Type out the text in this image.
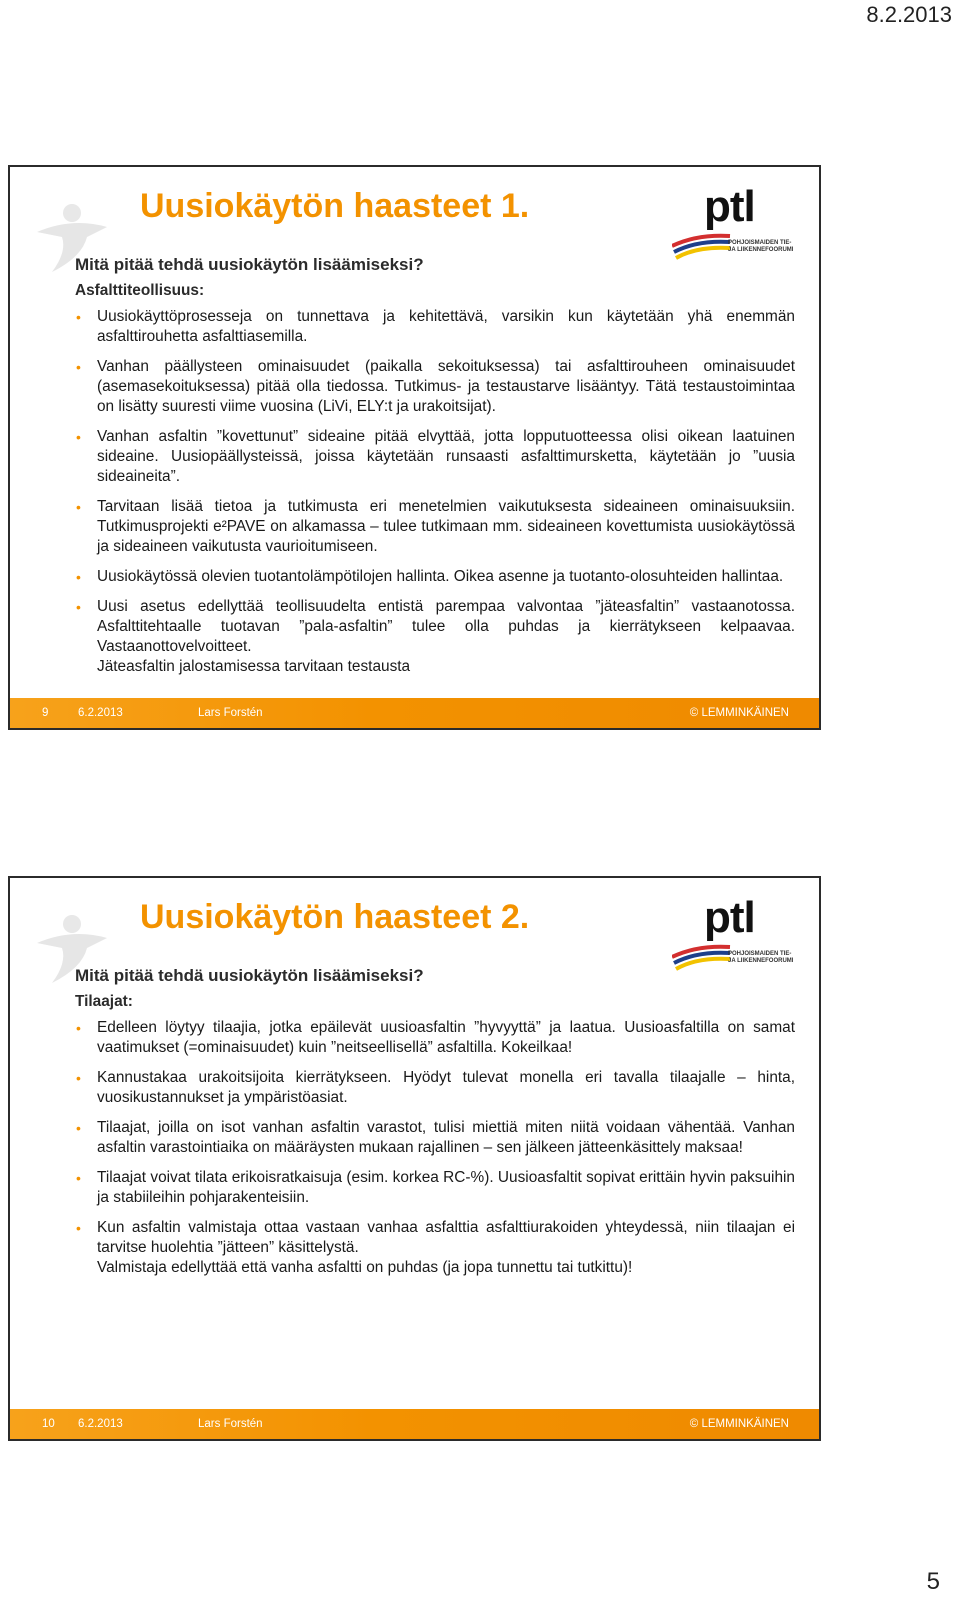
8.2.2013
Uusiokäytön haasteet 1.	ptl
POHJOISMAIDEN TIE- JA LIIKENNEFOORUMI
Mitä pitää tehdä uusiokäytön lisäämiseksi?
Asfalttiteollisuus:
• Uusiokäyttöprosesseja on tunnettava ja kehitettävä, varsikin kun käytetään yhä enemmän asfalttirouhetta asfalttiasemilla.
• Vanhan päällysteen ominaisuudet (paikalla sekoituksessa) tai asfalttirouheen ominaisuudet (asemasekoituksessa) pitää olla tiedossa. Tutkimus- ja testaustarve lisääntyy. Tätä testaustoimintaa on lisätty suuresti viime vuosina (LiVi, ELY:t ja urakoitsijat).
• Vanhan asfaltin ”kovettunut” sideaine pitää elvyttää, jotta lopputuotteessa olisi oikean laatuinen sideaine. Uusiopäällysteissä, joissa käytetään runsaasti asfalttimursketta, käytetään jo ”uusia sideaineita”.
• Tarvitaan lisää tietoa ja tutkimusta eri menetelmien vaikutuksesta sideaineen ominaisuuksiin. Tutkimusprojekti e²PAVE on alkamassa – tulee tutkimaan mm. sideaineen kovettumista uusiokäytössä ja sideaineen vaikutusta vaurioitumiseen.
• Uusiokäytössä olevien tuotantolämpötilojen hallinta. Oikea asenne ja tuotanto-olosuhteiden hallintaa.
• Uusi asetus edellyttää teollisuudelta entistä parempaa valvontaa ”jäteasfaltin” vastaanotossa. Asfalttitehtaalle tuotavan ”pala-asfaltin” tulee olla puhdas ja kierrätykseen kelpaavaa. Vastaanottovelvoitteet.
Jäteasfaltin jalostamisessa tarvitaan testausta
9	6.2.2013	Lars Forstén	© LEMMINKÄINEN
Uusiokäytön haasteet 2.	ptl
POHJOISMAIDEN TIE- JA LIIKENNEFOORUMI
Mitä pitää tehdä uusiokäytön lisäämiseksi?
Tilaajat:
• Edelleen löytyy tilaajia, jotka epäilevät uusioasfaltin ”hyvyyttä” ja laatua. Uusioasfaltilla on samat vaatimukset (=ominaisuudet) kuin ”neitseellisellä” asfaltilla. Kokeilkaa!
• Kannustakaa urakoitsijoita kierrätykseen. Hyödyt tulevat monella eri tavalla tilaajalle – hinta, vuosikustannukset ja ympäristöasiat.
• Tilaajat, joilla on isot vanhan asfaltin varastot, tulisi miettiä miten niitä voidaan vähentää. Vanhan asfaltin varastointiaika on määräysten mukaan rajallinen – sen jälkeen jätteenkäsittely maksaa!
• Tilaajat voivat tilata erikoisratkaisuja (esim. korkea RC-%). Uusioasfaltit sopivat erittäin hyvin paksuihin ja stabiileihin pohjarakenteisiin.
• Kun asfaltin valmistaja ottaa vastaan vanhaa asfalttia asfalttiurakoiden yhteydessä, niin tilaajan ei tarvitse huolehtia ”jätteen” käsittelystä.
Valmistaja edellyttää että vanha asfaltti on puhdas (ja jopa tunnettu tai tutkittu)!
10 6.2.2013	Lars Forstén	© LEMMINKÄINEN
5
